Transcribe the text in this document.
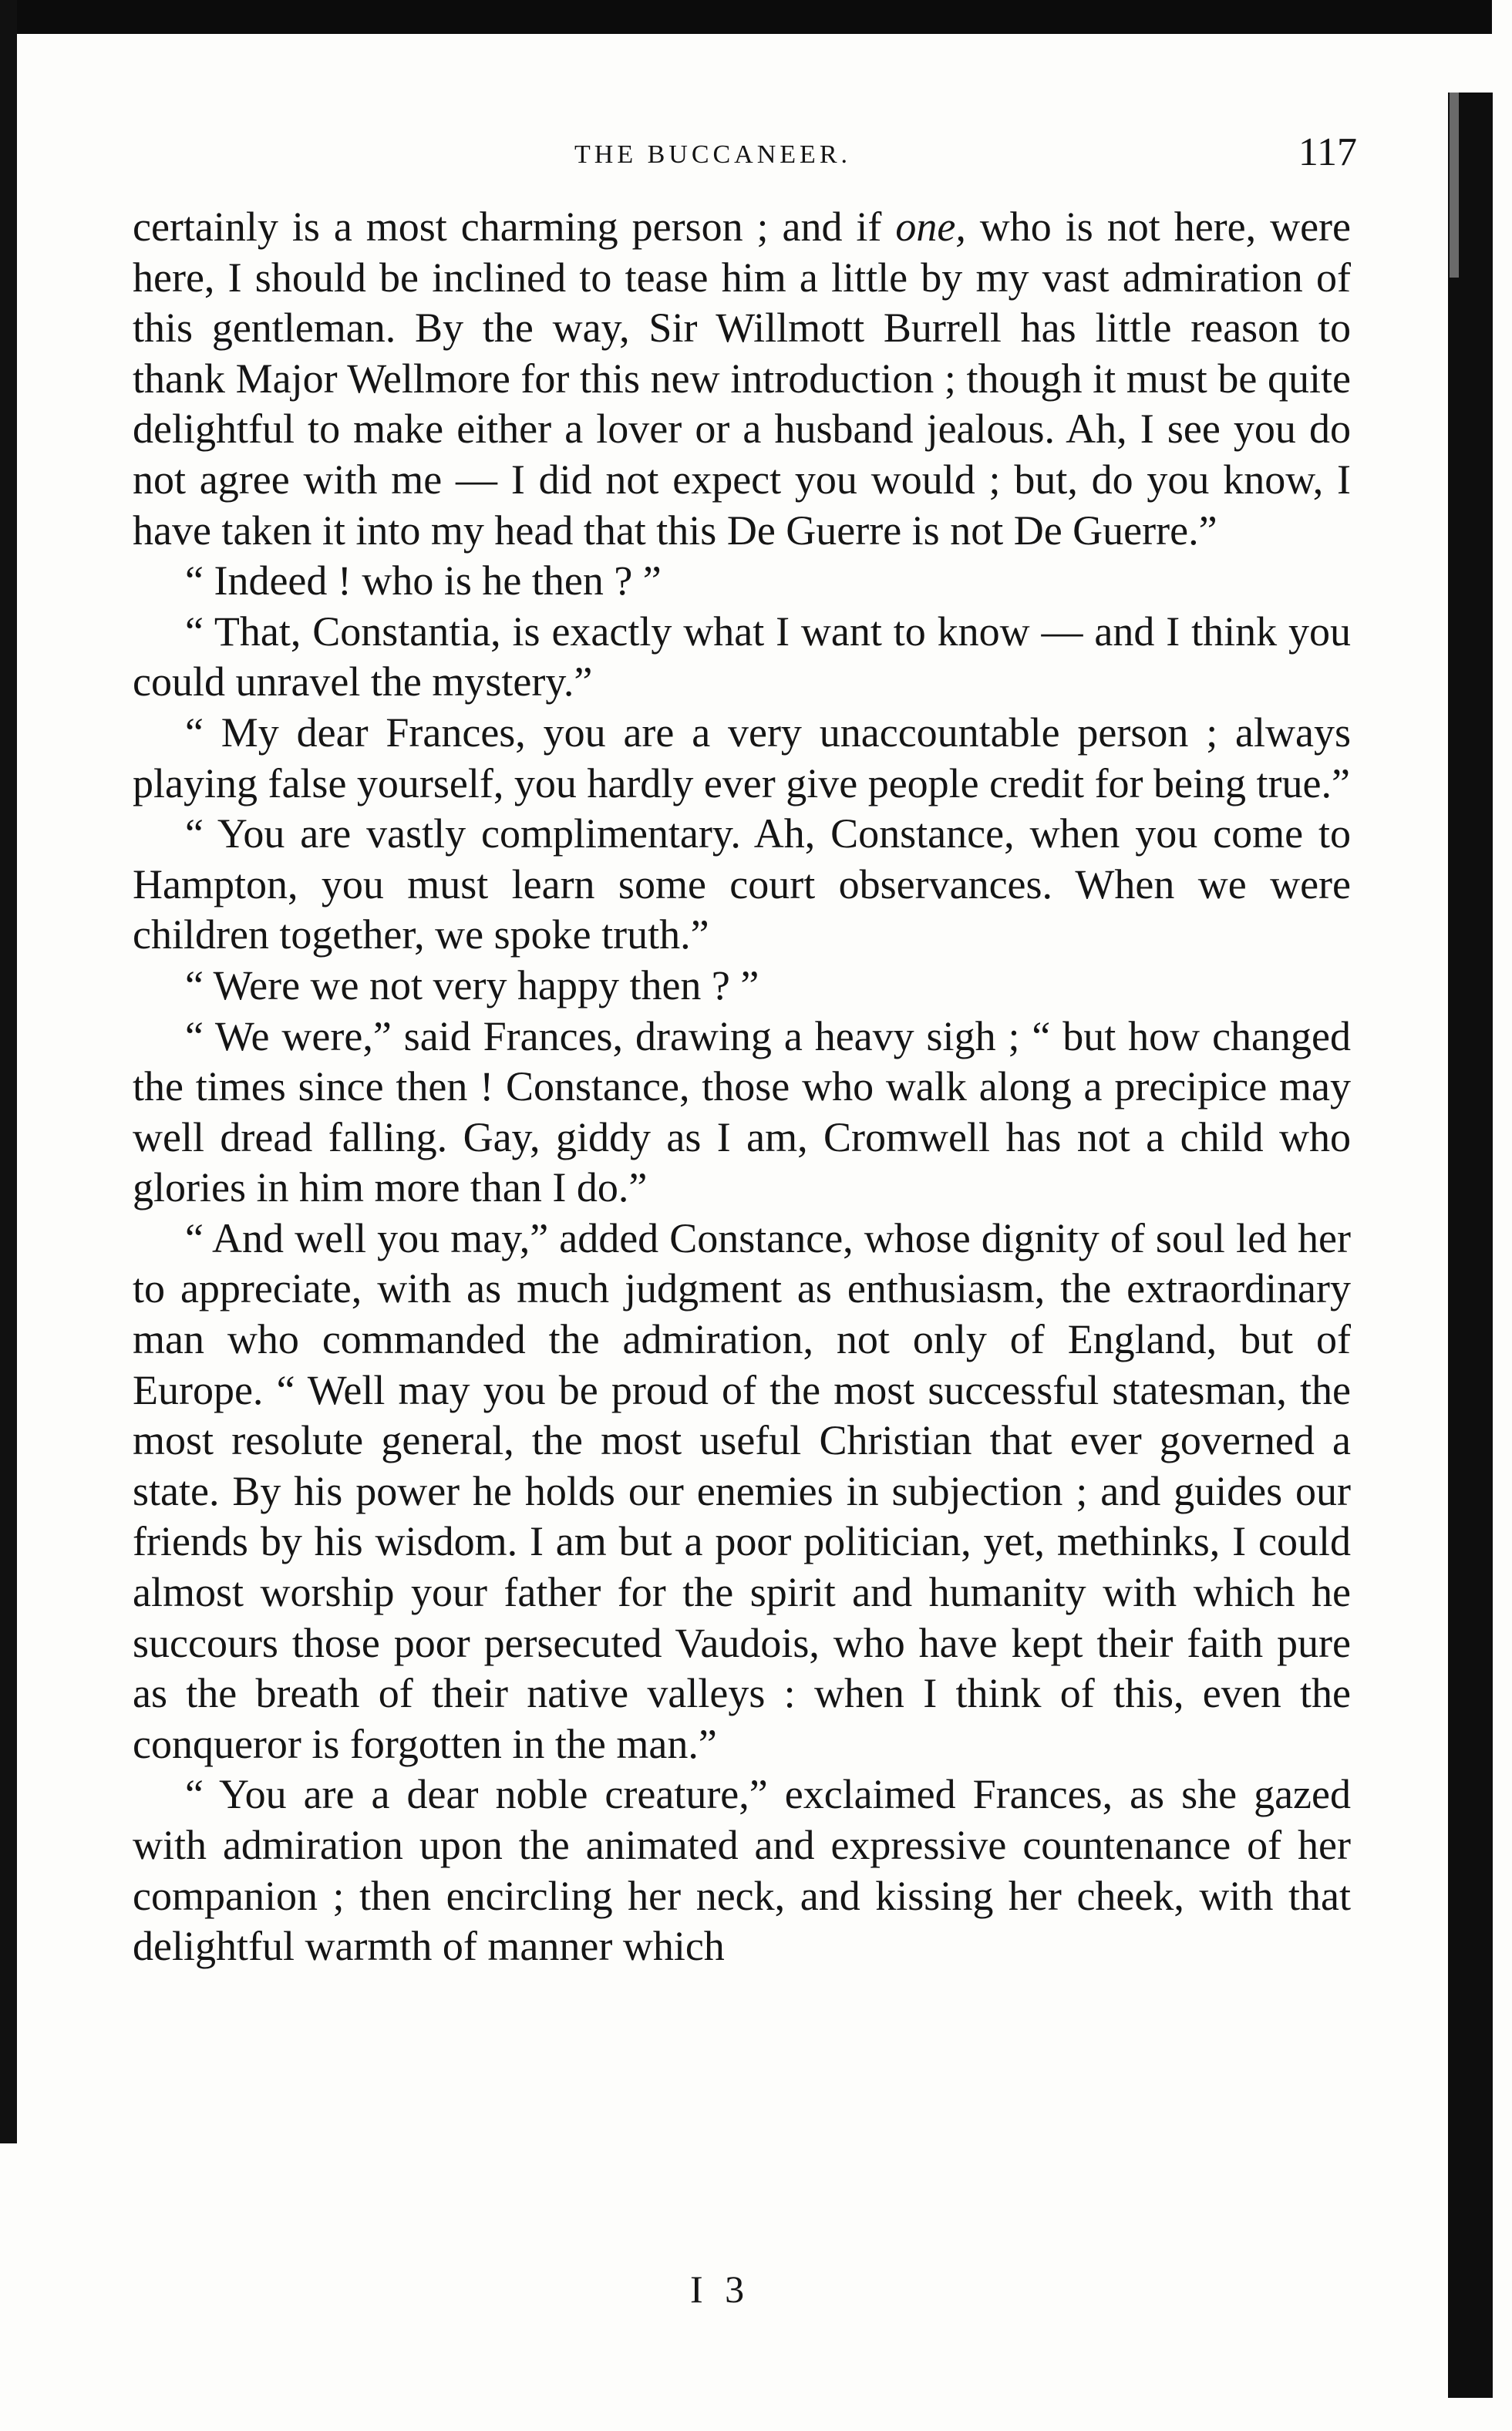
THE BUCCANEER.	117

certainly is a most charming person ; and if one, who is not here, were here, I should be inclined to tease him a little by my vast admiration of this gentleman. By the way, Sir Willmott Burrell has little reason to thank Major Wellmore for this new introduction ; though it must be quite delightful to make either a lover or a husband jealous. Ah, I see you do not agree with me — I did not expect you would ; but, do you know, I have taken it into my head that this De Guerre is not De Guerre.”

“ Indeed ! who is he then ? ”

“ That, Constantia, is exactly what I want to know — and I think you could unravel the mystery.”

“ My dear Frances, you are a very unaccountable person ; always playing false yourself, you hardly ever give people credit for being true.”

“ You are vastly complimentary. Ah, Constance, when you come to Hampton, you must learn some court observances. When we were children together, we spoke truth.”

“ Were we not very happy then ? ”

“ We were,” said Frances, drawing a heavy sigh ; “ but how changed the times since then ! Constance, those who walk along a precipice may well dread falling. Gay, giddy as I am, Cromwell has not a child who glories in him more than I do.”

“ And well you may,” added Constance, whose dignity of soul led her to appreciate, with as much judgment as enthusiasm, the extraordinary man who commanded the admiration, not only of England, but of Europe. “ Well may you be proud of the most successful statesman, the most resolute general, the most useful Christian that ever governed a state. By his power he holds our enemies in subjection ; and guides our friends by his wisdom. I am but a poor politician, yet, methinks, I could almost worship your father for the spirit and humanity with which he succours those poor persecuted Vaudois, who have kept their faith pure as the breath of their native valleys : when I think of this, even the conqueror is forgotten in the man.”

“ You are a dear noble creature,” exclaimed Frances, as she gazed with admiration upon the animated and expressive countenance of her companion ; then encircling her neck, and kissing her cheek, with that delightful warmth of manner which

I 3
